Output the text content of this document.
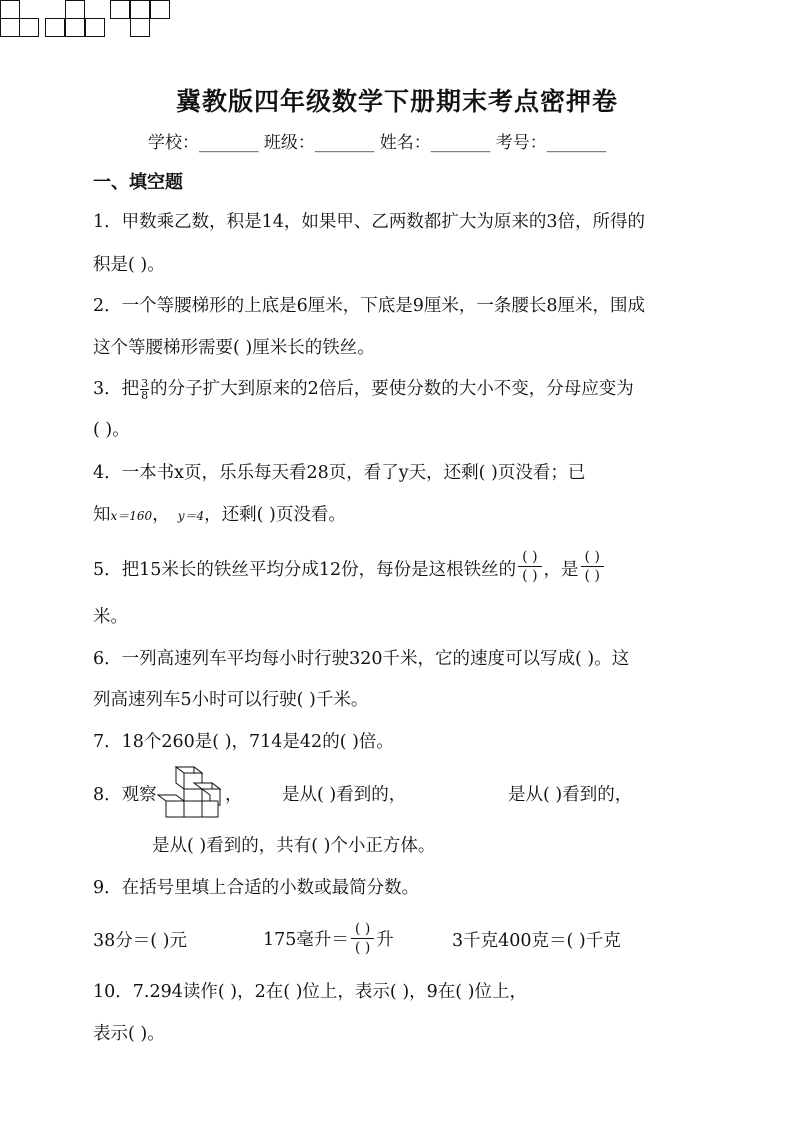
冀教版四年级数学下册期末考点密押卷
学校：_______ 班级：_______ 姓名：_______ 考号：_______
一、填空题
1．甲数乘乙数，积是14，如果甲、乙两数都扩大为原来的3倍，所得的
积是( )。
2．一个等腰梯形的上底是6厘米，下底是9厘米，一条腰长8厘米，围成
这个等腰梯形需要( )厘米长的铁丝。
3．把 $\frac{3}{8}$ 的分子扩大到原来的2倍后，要使分数的大小不变，分母应变为
( )。
4．一本书x页，乐乐每天看28页，看了y天，还剩( )页没看；已
知x＝160， y＝4，还剩( )页没看。
5．把15米长的铁丝平均分成12份，每份是这根铁丝的
( )
( ) ，是
( )
( )
米。
6．一列高速列车平均每小时行驶320千米，它的速度可以写成( )。这
列高速列车5小时可以行驶( )千米。
7．18个260是( )，714是42的( )倍。
8．观察	，
是从( )看到的，
	是从( )看到的，
是从( )看到的，共有( )个小正方体。
9．在括号里填上合适的小数或最简分数。
38分＝( )元	175毫升＝
( )
( ) 升	3千克400克＝( )千克
10．7.294读作( )，2在( )位上，表示( )，9在( )位上，
表示( )。
